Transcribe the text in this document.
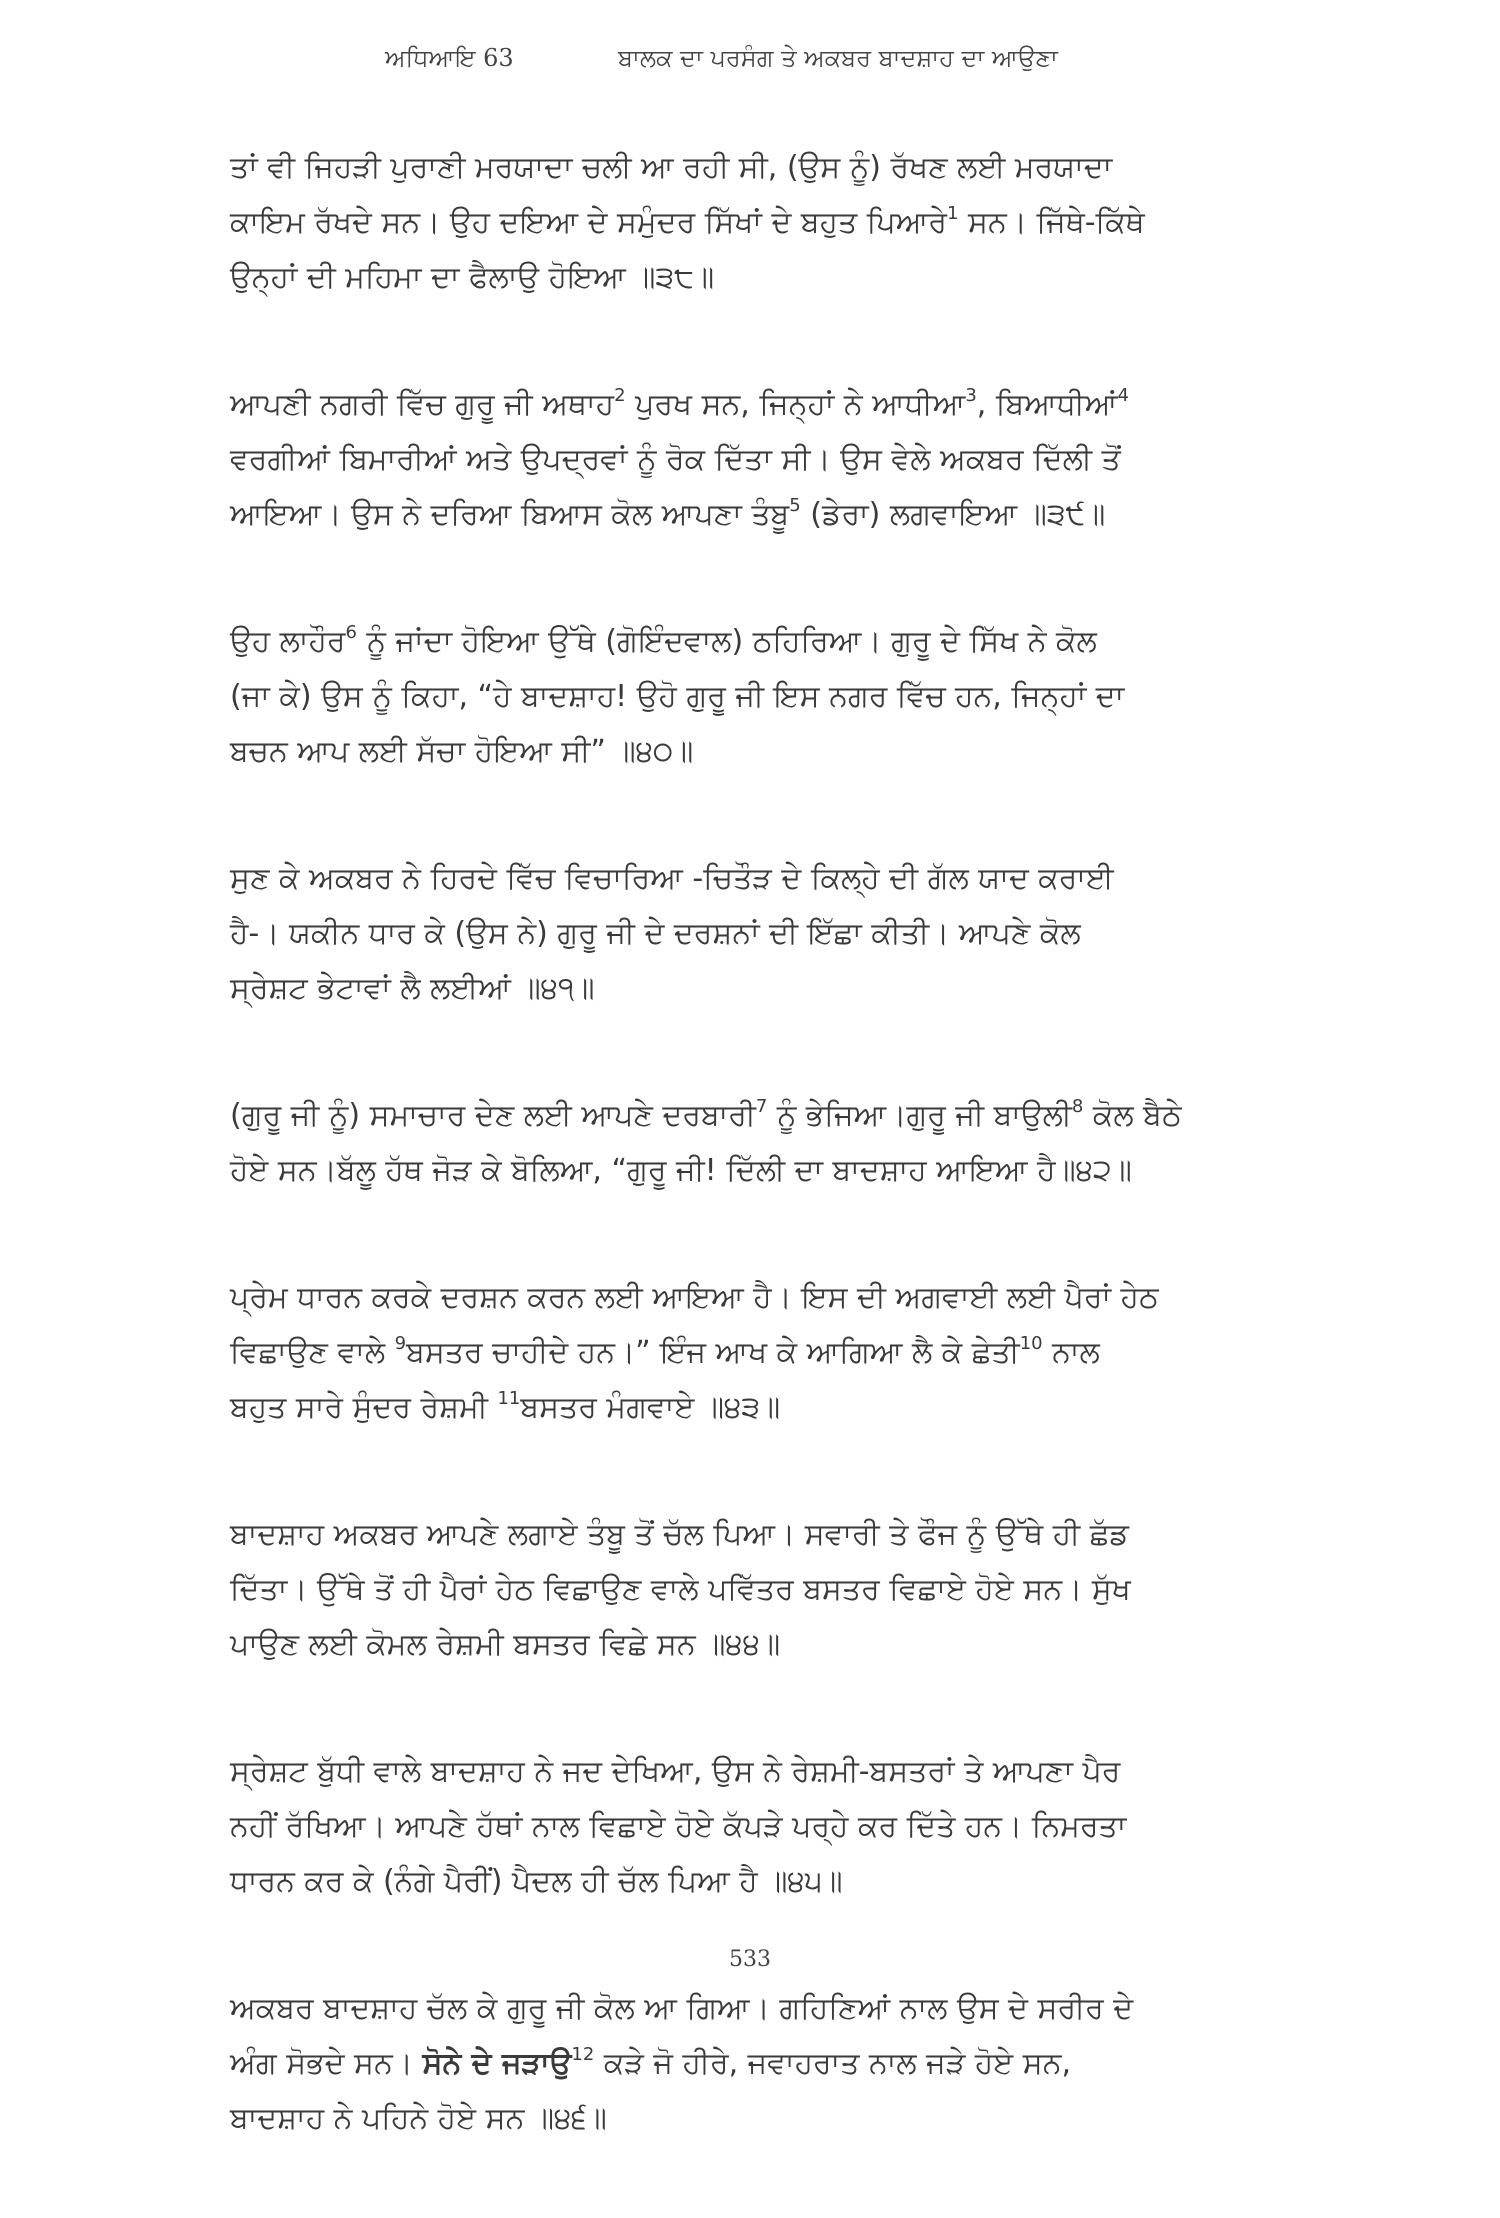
ਅਧਿਆਇ 63	ਬਾਲਕ ਦਾ ਪਰਸੰਗ ਤੇ ਅਕਬਰ ਬਾਦਸ਼ਾਹ ਦਾ ਆਉਣਾ

ਤਾਂ ਵੀ ਜਿਹੜੀ ਪੁਰਾਣੀ ਮਰਯਾਦਾ ਚਲੀ ਆ ਰਹੀ ਸੀ, (ਉਸ ਨੂੰ) ਰੱਖਣ ਲਈ ਮਰਯਾਦਾ
ਕਾਇਮ ਰੱਖਦੇ ਸਨ। ਉਹ ਦਇਆ ਦੇ ਸਮੁੰਦਰ ਸਿੱਖਾਂ ਦੇ ਬਹੁਤ ਪਿਆਰੇ$^1$ ਸਨ। ਜਿੱਥੇ-ਕਿੱਥੇ
ਉਨ੍ਹਾਂ ਦੀ ਮਹਿਮਾ ਦਾ ਫੈਲਾਉ ਹੋਇਆ ॥੩੮॥

ਆਪਣੀ ਨਗਰੀ ਵਿੱਚ ਗੁਰੂ ਜੀ ਅਥਾਹ$^2$ ਪੁਰਖ ਸਨ, ਜਿਨ੍ਹਾਂ ਨੇ ਆਧੀਆ$^3$, ਬਿਆਧੀਆਂ$^4$
ਵਰਗੀਆਂ ਬਿਮਾਰੀਆਂ ਅਤੇ ਉਪਦ੍ਰਵਾਂ ਨੂੰ ਰੋਕ ਦਿੱਤਾ ਸੀ। ਉਸ ਵੇਲੇ ਅਕਬਰ ਦਿੱਲੀ ਤੋਂ
ਆਇਆ। ਉਸ ਨੇ ਦਰਿਆ ਬਿਆਸ ਕੋਲ ਆਪਣਾ ਤੰਬੂ$^5$ (ਡੇਰਾ) ਲਗਵਾਇਆ ॥੩੯॥

ਉਹ ਲਾਹੌਰ$^6$ ਨੂੰ ਜਾਂਦਾ ਹੋਇਆ ਉੱਥੇ (ਗੋਇੰਦਵਾਲ) ਠਹਿਰਿਆ। ਗੁਰੂ ਦੇ ਸਿੱਖ ਨੇ ਕੋਲ
(ਜਾ ਕੇ) ਉਸ ਨੂੰ ਕਿਹਾ, “ਹੇ ਬਾਦਸ਼ਾਹ! ਉਹੋ ਗੁਰੂ ਜੀ ਇਸ ਨਗਰ ਵਿੱਚ ਹਨ, ਜਿਨ੍ਹਾਂ ਦਾ
ਬਚਨ ਆਪ ਲਈ ਸੱਚਾ ਹੋਇਆ ਸੀ” ॥੪੦॥

ਸੁਣ ਕੇ ਅਕਬਰ ਨੇ ਹਿਰਦੇ ਵਿੱਚ ਵਿਚਾਰਿਆ -ਚਿਤੌੜ ਦੇ ਕਿਲ੍ਹੇ ਦੀ ਗੱਲ ਯਾਦ ਕਰਾਈ
ਹੈ-। ਯਕੀਨ ਧਾਰ ਕੇ (ਉਸ ਨੇ) ਗੁਰੂ ਜੀ ਦੇ ਦਰਸ਼ਨਾਂ ਦੀ ਇੱਛਾ ਕੀਤੀ। ਆਪਣੇ ਕੋਲ
ਸ੍ਰੇਸ਼ਟ ਭੇਟਾਵਾਂ ਲੈ ਲਈਆਂ ॥੪੧॥

(ਗੁਰੂ ਜੀ ਨੂੰ) ਸਮਾਚਾਰ ਦੇਣ ਲਈ ਆਪਣੇ ਦਰਬਾਰੀ$^7$ ਨੂੰ ਭੇਜਿਆ।ਗੁਰੂ ਜੀ ਬਾਉਲੀ$^8$ ਕੋਲ ਬੈਠੇ
ਹੋਏ ਸਨ।ਬੱਲੂ ਹੱਥ ਜੋੜ ਕੇ ਬੋਲਿਆ, “ਗੁਰੂ ਜੀ! ਦਿੱਲੀ ਦਾ ਬਾਦਸ਼ਾਹ ਆਇਆ ਹੈ॥੪੨॥

ਪ੍ਰੇਮ ਧਾਰਨ ਕਰਕੇ ਦਰਸ਼ਨ ਕਰਨ ਲਈ ਆਇਆ ਹੈ। ਇਸ ਦੀ ਅਗਵਾਈ ਲਈ ਪੈਰਾਂ ਹੇਠ
ਵਿਛਾਉਣ ਵਾਲੇ $^9$ਬਸਤਰ ਚਾਹੀਦੇ ਹਨ।” ਇੰਜ ਆਖ ਕੇ ਆਗਿਆ ਲੈ ਕੇ ਛੇਤੀ$^{10}$ ਨਾਲ
ਬਹੁਤ ਸਾਰੇ ਸੁੰਦਰ ਰੇਸ਼ਮੀ $^{11}$ਬਸਤਰ ਮੰਗਵਾਏ ॥੪੩॥

ਬਾਦਸ਼ਾਹ ਅਕਬਰ ਆਪਣੇ ਲਗਾਏ ਤੰਬੂ ਤੋਂ ਚੱਲ ਪਿਆ। ਸਵਾਰੀ ਤੇ ਫੌਜ ਨੂੰ ਉੱਥੇ ਹੀ ਛੱਡ
ਦਿੱਤਾ। ਉੱਥੇ ਤੋਂ ਹੀ ਪੈਰਾਂ ਹੇਠ ਵਿਛਾਉਣ ਵਾਲੇ ਪਵਿੱਤਰ ਬਸਤਰ ਵਿਛਾਏ ਹੋਏ ਸਨ। ਸੁੱਖ
ਪਾਉਣ ਲਈ ਕੋਮਲ ਰੇਸ਼ਮੀ ਬਸਤਰ ਵਿਛੇ ਸਨ ॥੪੪॥

ਸ੍ਰੇਸ਼ਟ ਬੁੱਧੀ ਵਾਲੇ ਬਾਦਸ਼ਾਹ ਨੇ ਜਦ ਦੇਖਿਆ, ਉਸ ਨੇ ਰੇਸ਼ਮੀ-ਬਸਤਰਾਂ ਤੇ ਆਪਣਾ ਪੈਰ
ਨਹੀਂ ਰੱਖਿਆ। ਆਪਣੇ ਹੱਥਾਂ ਨਾਲ ਵਿਛਾਏ ਹੋਏ ਕੱਪੜੇ ਪਰ੍ਹੇ ਕਰ ਦਿੱਤੇ ਹਨ। ਨਿਮਰਤਾ
ਧਾਰਨ ਕਰ ਕੇ (ਨੰਗੇ ਪੈਰੀਂ) ਪੈਦਲ ਹੀ ਚੱਲ ਪਿਆ ਹੈ ॥੪੫॥

ਅਕਬਰ ਬਾਦਸ਼ਾਹ ਚੱਲ ਕੇ ਗੁਰੂ ਜੀ ਕੋਲ ਆ ਗਿਆ। ਗਹਿਣਿਆਂ ਨਾਲ ਉਸ ਦੇ ਸਰੀਰ ਦੇ
ਅੰਗ ਸੋਭਦੇ ਸਨ। ਸੋਨੇ ਦੇ ਜੜਾਉ$^{12}$ ਕੜੇ ਜੋ ਹੀਰੇ, ਜਵਾਹਰਾਤ ਨਾਲ ਜੜੇ ਹੋਏ ਸਨ,
ਬਾਦਸ਼ਾਹ ਨੇ ਪਹਿਨੇ ਹੋਏ ਸਨ ॥੪੬॥

533
